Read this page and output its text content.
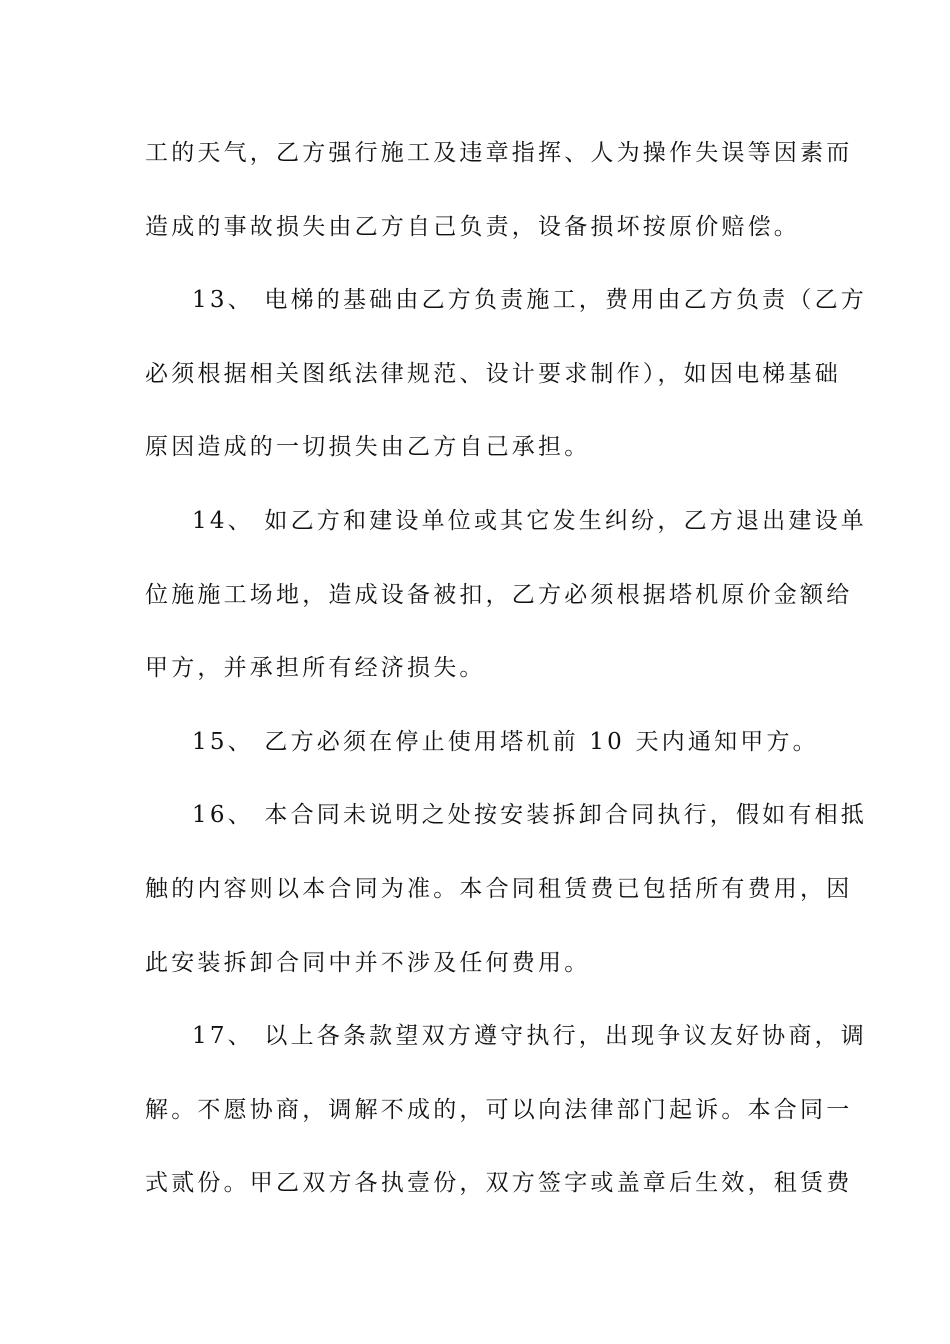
工的天气，乙方强行施工及违章指挥、人为操作失误等因素而
造成的事故损失由乙方自己负责，设备损坏按原价赔偿。
13、 电梯的基础由乙方负责施工，费用由乙方负责（乙方
必须根据相关图纸法律规范、设计要求制作），如因电梯基础
原因造成的一切损失由乙方自己承担。
14、 如乙方和建设单位或其它发生纠纷，乙方退出建设单
位施施工场地，造成设备被扣，乙方必须根据塔机原价金额给
甲方，并承担所有经济损失。
15、 乙方必须在停止使用塔机前 10 天内通知甲方。
16、 本合同未说明之处按安装拆卸合同执行，假如有相抵
触的内容则以本合同为准。本合同租赁费已包括所有费用，因
此安装拆卸合同中并不涉及任何费用。
17、 以上各条款望双方遵守执行，出现争议友好协商，调
解。不愿协商，调解不成的，可以向法律部门起诉。本合同一
式贰份。甲乙双方各执壹份，双方签字或盖章后生效，租赁费
